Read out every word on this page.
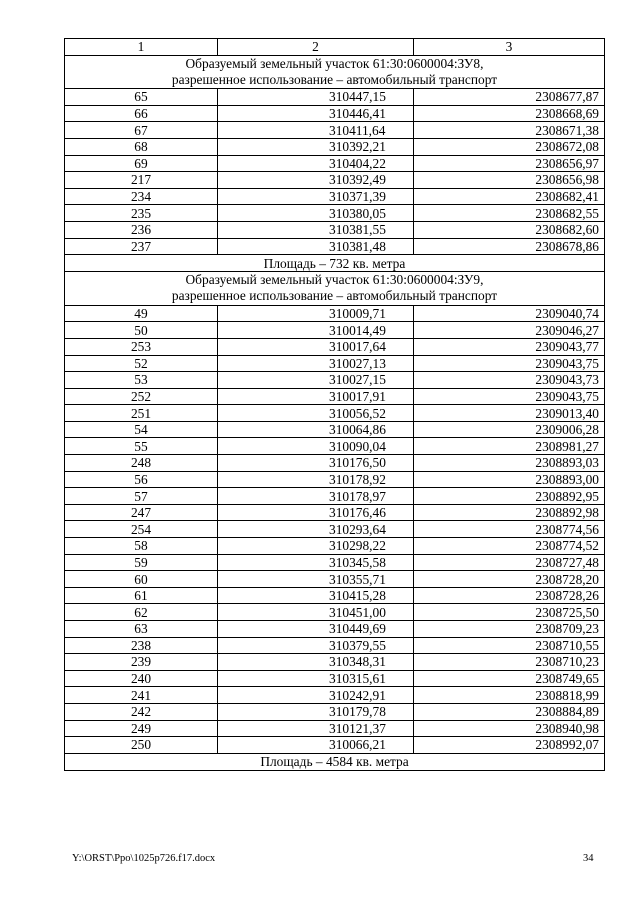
1	2	3

Образуемый земельный участок 61:30:0600004:ЗУ8,
разрешенное использование – автомобильный транспорт		

65	310447,15	2308677,87
66	310446,41	2308668,69
67	310411,64	2308671,38
68	310392,21	2308672,08
69	310404,22	2308656,97
217	310392,49	2308656,98
234	310371,39	2308682,41
235	310380,05	2308682,55
236	310381,55	2308682,60
237	310381,48	2308678,86
Площадь – 732 кв. метра		

Образуемый земельный участок 61:30:0600004:ЗУ9,
разрешенное использование – автомобильный транспорт		

49	310009,71	2309040,74
50	310014,49	2309046,27
253	310017,64	2309043,77
52	310027,13	2309043,75
53	310027,15	2309043,73
252	310017,91	2309043,75
251	310056,52	2309013,40
54	310064,86	2309006,28
55	310090,04	2308981,27
248	310176,50	2308893,03
56	310178,92	2308893,00
57	310178,97	2308892,95
247	310176,46	2308892,98
254	310293,64	2308774,56
58	310298,22	2308774,52
59	310345,58	2308727,48
60	310355,71	2308728,20
61	310415,28	2308728,26
62	310451,00	2308725,50
63	310449,69	2308709,23
238	310379,55	2308710,55
239	310348,31	2308710,23
240	310315,61	2308749,65
241	310242,91	2308818,99
242	310179,78	2308884,89
249	310121,37	2308940,98
250	310066,21	2308992,07
Площадь – 4584 кв. метра		
Y:\ORST\Ppo\1025p726.f17.docx	34
